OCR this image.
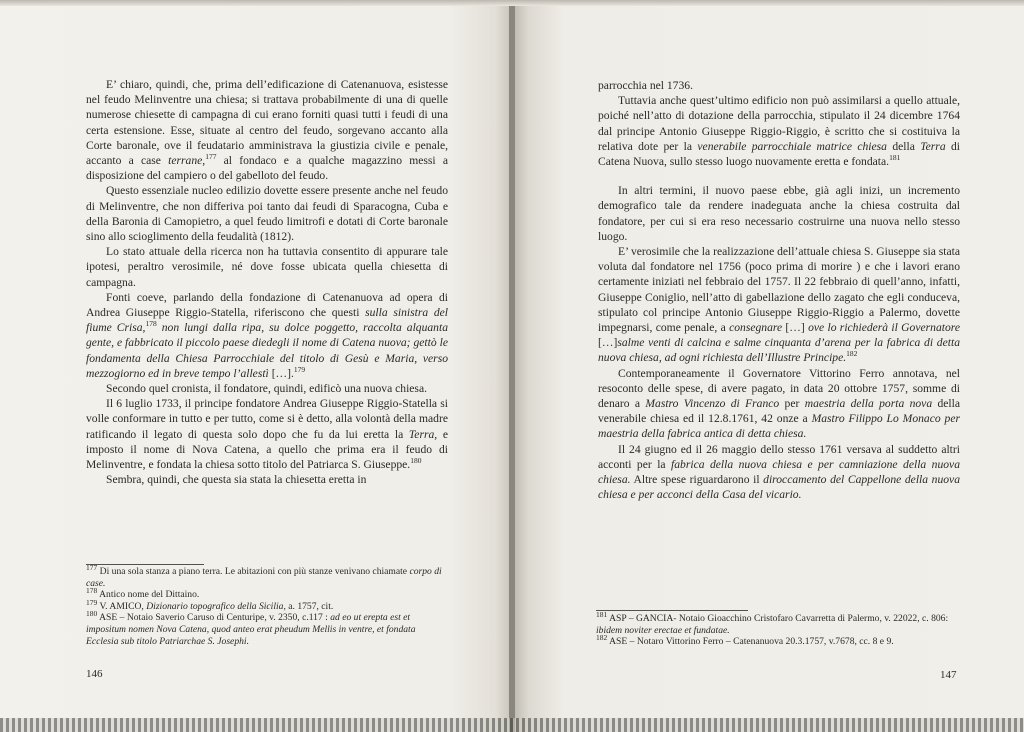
E’ chiaro, quindi, che, prima dell’edificazione di Catenanuova, esistesse nel feudo Melinventre una chiesa; si trattava probabilmente di una di quelle numerose chiesette di campagna di cui erano forniti quasi tutti i feudi di una certa estensione. Esse, situate al centro del feudo, sorgevano accanto alla Corte baronale, ove il feudatario amministrava la giustizia civile e penale, accanto a case terrane,$^{177}$ al fondaco e a qualche magazzino messi a disposizione del campiero o del gabelloto del feudo.

Questo essenziale nucleo edilizio dovette essere presente anche nel feudo di Melinventre, che non differiva poi tanto dai feudi di Sparacogna, Cuba e della Baronia di Camopietro, a quel feudo limitrofi e dotati di Corte baronale sino allo scioglimento della feudalità (1812).

Lo stato attuale della ricerca non ha tuttavia consentito di appurare tale ipotesi, peraltro verosimile, né dove fosse ubicata quella chiesetta di campagna.

Fonti coeve, parlando della fondazione di Catenanuova ad opera di Andrea Giuseppe Riggio-Statella, riferiscono che questi sulla sinistra del fiume Crisa,$^{178}$ non lungi dalla ripa, su dolce poggetto, raccolta alquanta gente, e fabbricato il piccolo paese diedegli il nome di Catena nuova; gettò le fondamenta della Chiesa Parrocchiale del titolo di Gesù e Maria, verso mezzogiorno ed in breve tempo l’allestì […].$^{179}$

Secondo quel cronista, il fondatore, quindi, edificò una nuova chiesa.

Il 6 luglio 1733, il principe fondatore Andrea Giuseppe Riggio-Statella si volle conformare in tutto e per tutto, come si è detto, alla volontà della madre ratificando il legato di questa solo dopo che fu da lui eretta la Terra, e imposto il nome di Nova Catena, a quello che prima era il feudo di Melinventre, e fondata la chiesa sotto titolo del Patriarca S. Giuseppe.$^{180}$

Sembra, quindi, che questa sia stata la chiesetta eretta in

$^{177}$ Di una sola stanza a piano terra. Le abitazioni con più stanze venivano chiamate corpo di case.
$^{178}$ Antico nome del Dittaino.
$^{179}$ V. AMICO, Dizionario topografico della Sicilia, a. 1757, cit.
$^{180}$ ASE – Notaio Saverio Caruso di Centuripe, v. 2350, c.117 : ad eo ut erepta est et impositum nomen Nova Catena, quod anteo erat pheudum Mellis in ventre, et fondata Ecclesia sub titolo Patriarchae S. Josephi.
146

parrocchia nel 1736.

Tuttavia anche quest’ultimo edificio non può assimilarsi a quello attuale, poiché nell’atto di dotazione della parrocchia, stipulato il 24 dicembre 1764 dal principe Antonio Giuseppe Riggio-Riggio, è scritto che si costituiva la relativa dote per la venerabile parrocchiale matrice chiesa della Terra di Catena Nuova, sullo stesso luogo nuovamente eretta e fondata.$^{181}$

In altri termini, il nuovo paese ebbe, già agli inizi, un incremento demografico tale da rendere inadeguata anche la chiesa costruita dal fondatore, per cui si era reso necessario costruirne una nuova nello stesso luogo.

E’ verosimile che la realizzazione dell’attuale chiesa S. Giuseppe sia stata voluta dal fondatore nel 1756 (poco prima di morire ) e che i lavori erano certamente iniziati nel febbraio del 1757. Il 22 febbraio di quell’anno, infatti, Giuseppe Coniglio, nell’atto di gabellazione dello zagato che egli conduceva, stipulato col principe Antonio Giuseppe Riggio-Riggio a Palermo, dovette impegnarsi, come penale, a consegnare […] ove lo richiederà il Governatore […]salme venti di calcina e salme cinquanta d’arena per la fabrica di detta nuova chiesa, ad ogni richiesta dell’Illustre Principe.$^{182}$

Contemporaneamente il Governatore Vittorino Ferro annotava, nel resoconto delle spese, di avere pagato, in data 20 ottobre 1757, somme di denaro a Mastro Vincenzo di Franco per maestria della porta nova della venerabile chiesa ed il 12.8.1761, 42 onze a Mastro Filippo Lo Monaco per maestria della fabrica antica di detta chiesa.

Il 24 giugno ed il 26 maggio dello stesso 1761 versava al suddetto altri acconti per la fabrica della nuova chiesa e per camniazione della nuova chiesa. Altre spese riguardarono il diroccamento del Cappellone della nuova chiesa e per acconci della Casa del vicario.

$^{181}$ ASP – GANCIA- Notaio Gioacchino Cristofaro Cavarretta di Palermo, v. 22022, c. 806: ibidem noviter erectae et fundatae.
$^{182}$ ASE – Notaro Vittorino Ferro – Catenanuova 20.3.1757, v.7678, cc. 8 e 9.
147
